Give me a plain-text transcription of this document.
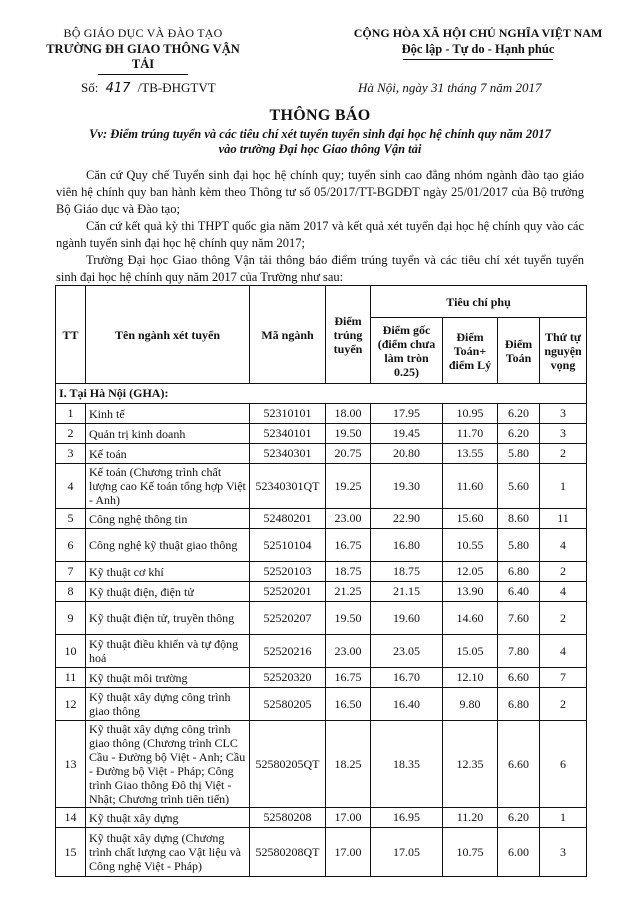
BỘ GIÁO DỤC VÀ ĐÀO TẠO
TRƯỜNG ĐH GIAO THÔNG VẬN TẢI
CỘNG HÒA XÃ HỘI CHỦ NGHĨA VIỆT NAM
Độc lập - Tự do - Hạnh phúc
Số: 417 /TB-ĐHGTVT	Hà Nội, ngày 31 tháng 7 năm 2017
THÔNG BÁO
Vv: Điểm trúng tuyển và các tiêu chí xét tuyển tuyển sinh đại học hệ chính quy năm 2017
vào trường Đại học Giao thông Vận tải

Căn cứ Quy chế Tuyển sinh đại học hệ chính quy; tuyển sinh cao đẳng nhóm ngành đào tạo giáo viên hệ chính quy ban hành kèm theo Thông tư số 05/2017/TT-BGDĐT ngày 25/01/2017 của Bộ trưởng Bộ Giáo dục và Đào tạo;

Căn cứ kết quả kỳ thi THPT quốc gia năm 2017 và kết quả xét tuyển đại học hệ chính quy vào các ngành tuyển sinh đại học hệ chính quy năm 2017;

Trường Đại học Giao thông Vận tải thông báo điểm trúng tuyển và các tiêu chí xét tuyển tuyển sinh đại học hệ chính quy năm 2017 của Trường như sau:

TT	Tên ngành xét tuyển	Mã ngành	Điểm trúng tuyển	Tiêu chí phụ			
				Điểm gốc (điểm chưa làm tròn 0.25)	Điểm Toán+ điểm Lý	Điểm Toán	Thứ tự nguyện vọng
I. Tại Hà Nội (GHA):							
1	Kinh tế	52310101	18.00	17.95	10.95	6.20	3
2	Quản trị kinh doanh	52340101	19.50	19.45	11.70	6.20	3
3	Kế toán	52340301	20.75	20.80	13.55	5.80	2
4	Kế toán (Chương trình chất lượng cao Kế toán tổng hợp Việt - Anh)	52340301QT	19.25	19.30	11.60	5.60	1
5	Công nghệ thông tin	52480201	23.00	22.90	15.60	8.60	11
6	Công nghệ kỹ thuật giao thông	52510104	16.75	16.80	10.55	5.80	4
7	Kỹ thuật cơ khí	52520103	18.75	18.75	12.05	6.80	2
8	Kỹ thuật điện, điện tử	52520201	21.25	21.15	13.90	6.40	4
9	Kỹ thuật điện tử, truyền thông	52520207	19.50	19.60	14.60	7.60	2
10	Kỹ thuật điều khiển và tự động hoá	52520216	23.00	23.05	15.05	7.80	4
11	Kỹ thuật môi trường	52520320	16.75	16.70	12.10	6.60	7
12	Kỹ thuật xây dựng công trình giao thông	52580205	16.50	16.40	9.80	6.80	2
13	Kỹ thuật xây dựng công trình giao thông (Chương trình CLC Cầu - Đường bộ Việt - Anh; Cầu - Đường bộ Việt - Pháp; Công trình Giao thông Đô thị Việt - Nhật; Chương trình tiên tiến)	52580205QT	18.25	18.35	12.35	6.60	6
14	Kỹ thuật xây dựng	52580208	17.00	16.95	11.20	6.20	1
15	Kỹ thuật xây dựng (Chương trình chất lượng cao Vật liệu và Công nghệ Việt - Pháp)	52580208QT	17.00	17.05	10.75	6.00	3
